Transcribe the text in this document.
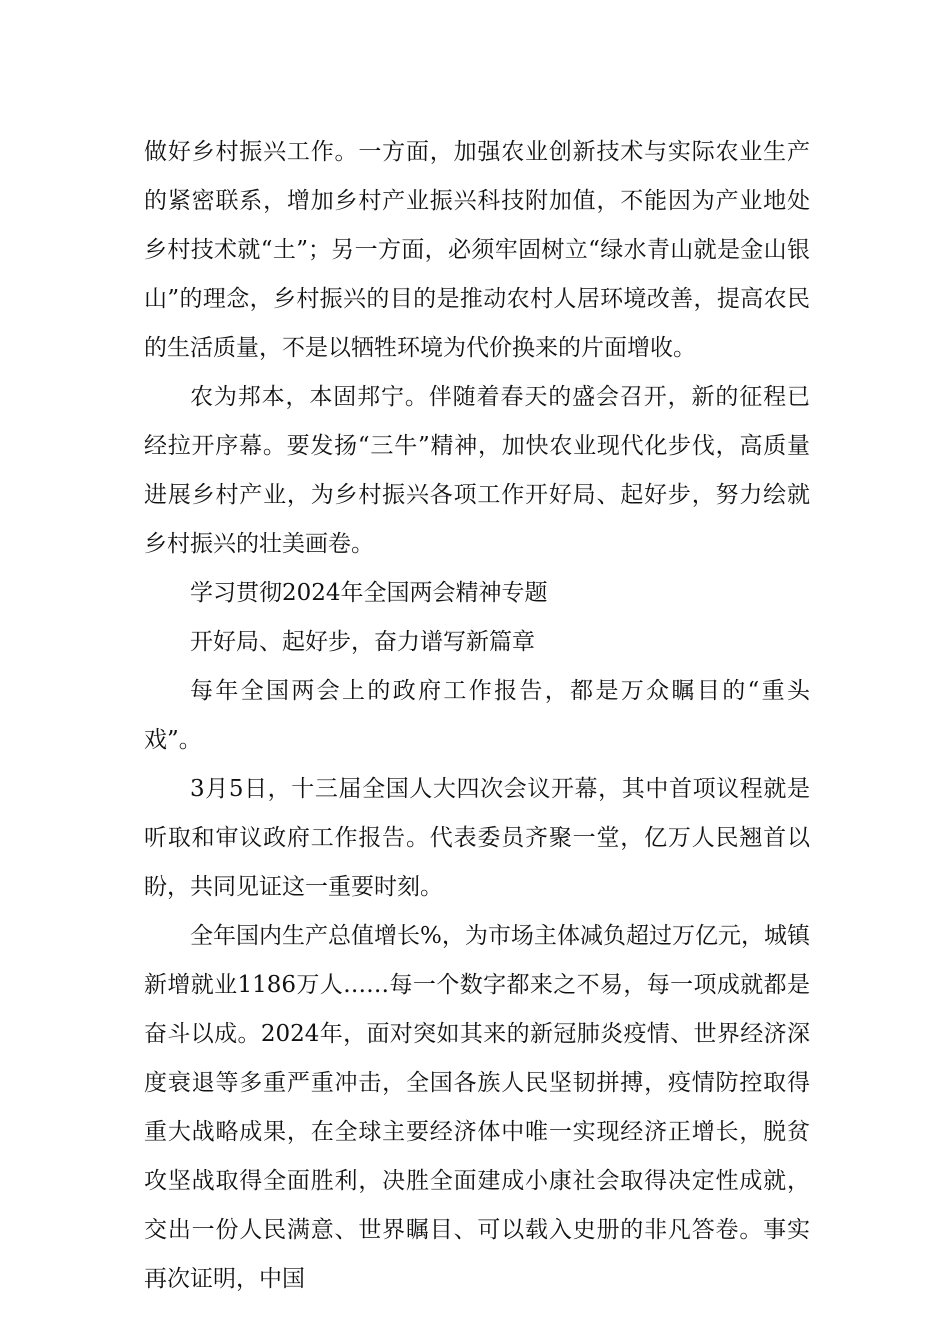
做好乡村振兴工作。一方面，加强农业创新技术与实际农业生产的紧密联系，增加乡村产业振兴科技附加值，不能因为产业地处乡村技术就“土”；另一方面，必须牢固树立“绿水青山就是金山银山”的理念，乡村振兴的目的是推动农村人居环境改善，提高农民的生活质量，不是以牺牲环境为代价换来的片面增收。

农为邦本，本固邦宁。伴随着春天的盛会召开，新的征程已经拉开序幕。要发扬“三牛”精神，加快农业现代化步伐，高质量进展乡村产业，为乡村振兴各项工作开好局、起好步，努力绘就乡村振兴的壮美画卷。

学习贯彻2024年全国两会精神专题

开好局、起好步，奋力谱写新篇章

每年全国两会上的政府工作报告，都是万众瞩目的“重头戏”。

3月5日，十三届全国人大四次会议开幕，其中首项议程就是听取和审议政府工作报告。代表委员齐聚一堂，亿万人民翘首以盼，共同见证这一重要时刻。

全年国内生产总值增长%，为市场主体减负超过万亿元，城镇新增就业1186万人……每一个数字都来之不易，每一项成就都是奋斗以成。2024年，面对突如其来的新冠肺炎疫情、世界经济深度衰退等多重严重冲击，全国各族人民坚韧拼搏，疫情防控取得重大战略成果，在全球主要经济体中唯一实现经济正增长，脱贫攻坚战取得全面胜利，决胜全面建成小康社会取得决定性成就，交出一份人民满意、世界瞩目、可以载入史册的非凡答卷。事实再次证明，中国
